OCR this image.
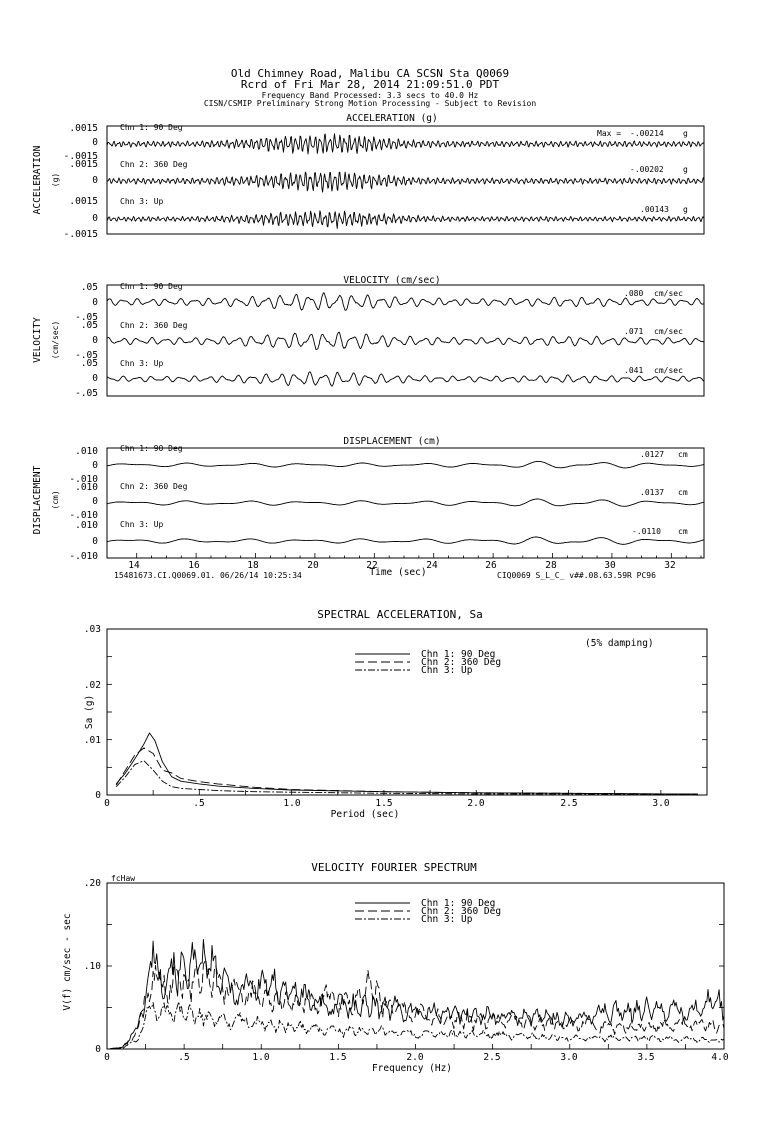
Old Chimney Road, Malibu CA SCSN Sta Q0069
Rcrd of Fri Mar 28, 2014 21:09:51.0 PDT
Frequency Band Processed: 3.3 secs to 40.0 Hz
CISN/CSMIP Preliminary Strong Motion Processing - Subject to Revision
ACCELERATION (g)
ACCELERATION (g)
.0015
0
-.0015
.0015
0
.0015
0
-.0015
Chn 1: 90 Deg
Chn 2: 360 Deg
Chn 3: Up
Max = -.00214 g
-.00202 g
.00143 g
VELOCITY (cm/sec)
VELOCITY (cm/sec)
.05
0
-.05
.05
0
-.05
.05
0
-.05
Chn 1: 90 Deg
Chn 2: 360 Deg
Chn 3: Up
.080 cm/sec
.071 cm/sec
.041 cm/sec
DISPLACEMENT (cm)
DISPLACEMENT (cm)
.010
0
-.010
.010
0
-.010
.010
0
-.010
Chn 1: 90 Deg
Chn 2: 360 Deg
Chn 3: Up
.0127 cm
.0137 cm
-.0110 cm
14	16	18	20	22	24	26	28	30	32
Time (sec)
15481673.CI.Q0069.01. 06/26/14 10:25:34	CIQ0069 S_L_C_ v##.08.63.59R PC96
SPECTRAL ACCELERATION, Sa
(5% damping)
Sa (g)
Period (sec)
0
.01
.02
.03
0	.5	1.0	1.5	2.0	2.5	3.0
Chn 1: 90 Deg
Chn 2: 360 Deg
Chn 3: Up
VELOCITY FOURIER SPECTRUM
fcHaw
V(f) cm/sec - sec
Frequency (Hz)
0
.10
.20
0	.5	1.0	1.5	2.0	2.5	3.0	3.5	4.0
Chn 1: 90 Deg
Chn 2: 360 Deg
Chn 3: Up
